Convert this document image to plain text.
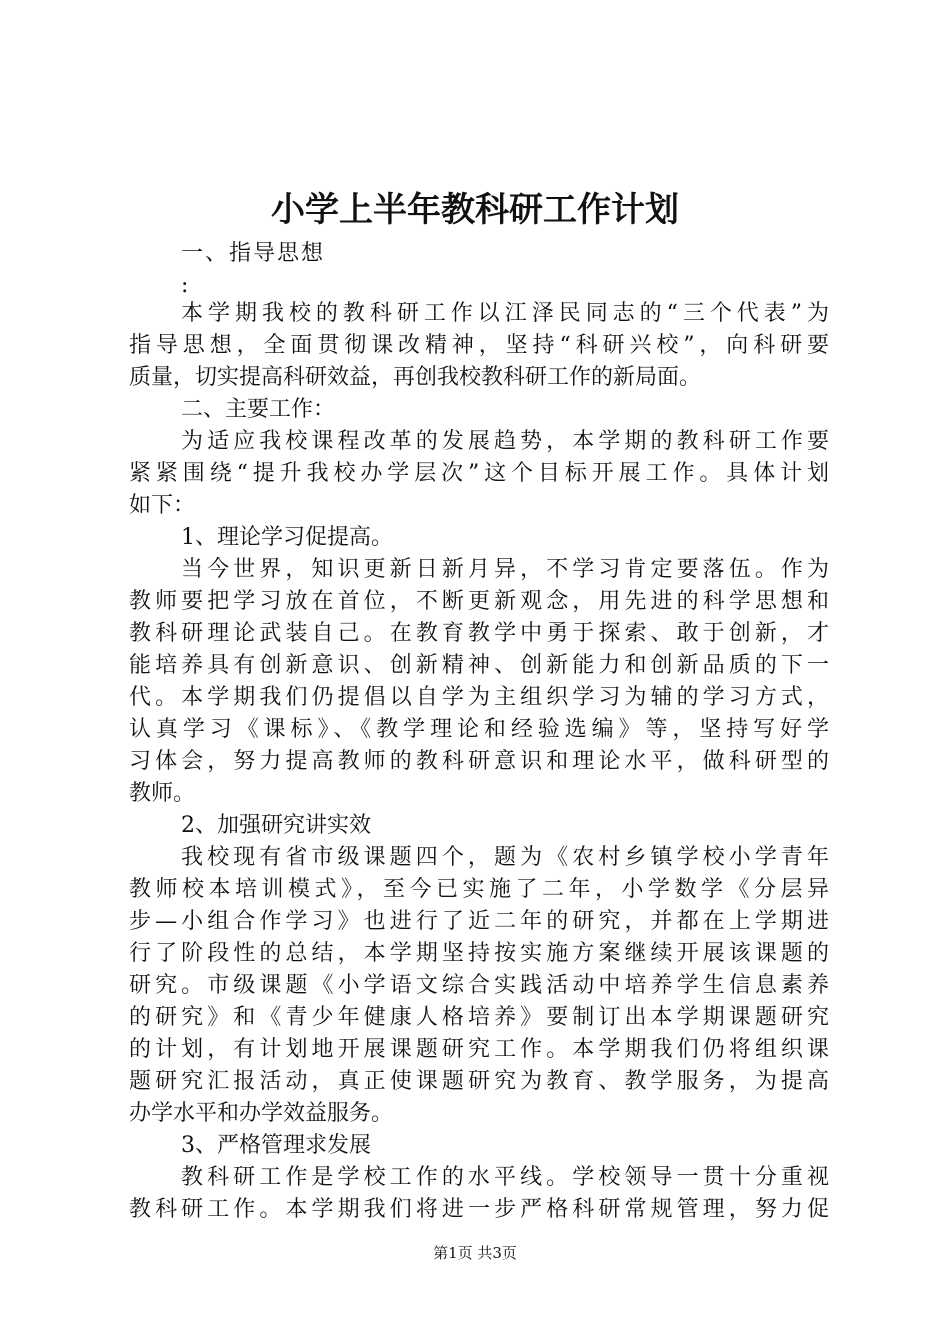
小学上半年教科研工作计划
一、指导思想
:
本学期我校的教科研工作以江泽民同志的“三个代表”为
指导思想，全面贯彻课改精神，坚持“科研兴校”，向科研要
质量，切实提高科研效益，再创我校教科研工作的新局面。
二、主要工作：
为适应我校课程改革的发展趋势，本学期的教科研工作要
紧紧围绕“提升我校办学层次”这个目标开展工作。具体计划
如下：
1、理论学习促提高。
当今世界，知识更新日新月异，不学习肯定要落伍。作为
教师要把学习放在首位，不断更新观念，用先进的科学思想和
教科研理论武装自己。在教育教学中勇于探索、敢于创新，才
能培养具有创新意识、创新精神、创新能力和创新品质的下一
代。本学期我们仍提倡以自学为主组织学习为辅的学习方式，
认真学习《课标》、《教学理论和经验选编》等，坚持写好学
习体会，努力提高教师的教科研意识和理论水平，做科研型的
教师。
2、加强研究讲实效
我校现有省市级课题四个，题为《农村乡镇学校小学青年
教师校本培训模式》，至今已实施了二年，小学数学《分层异
步—小组合作学习》也进行了近二年的研究，并都在上学期进
行了阶段性的总结，本学期坚持按实施方案继续开展该课题的
研究。市级课题《小学语文综合实践活动中培养学生信息素养
的研究》和《青少年健康人格培养》要制订出本学期课题研究
的计划，有计划地开展课题研究工作。本学期我们仍将组织课
题研究汇报活动，真正使课题研究为教育、教学服务，为提高
办学水平和办学效益服务。
3、严格管理求发展
教科研工作是学校工作的水平线。学校领导一贯十分重视
教科研工作。本学期我们将进一步严格科研常规管理，努力促
第1页 共3页
